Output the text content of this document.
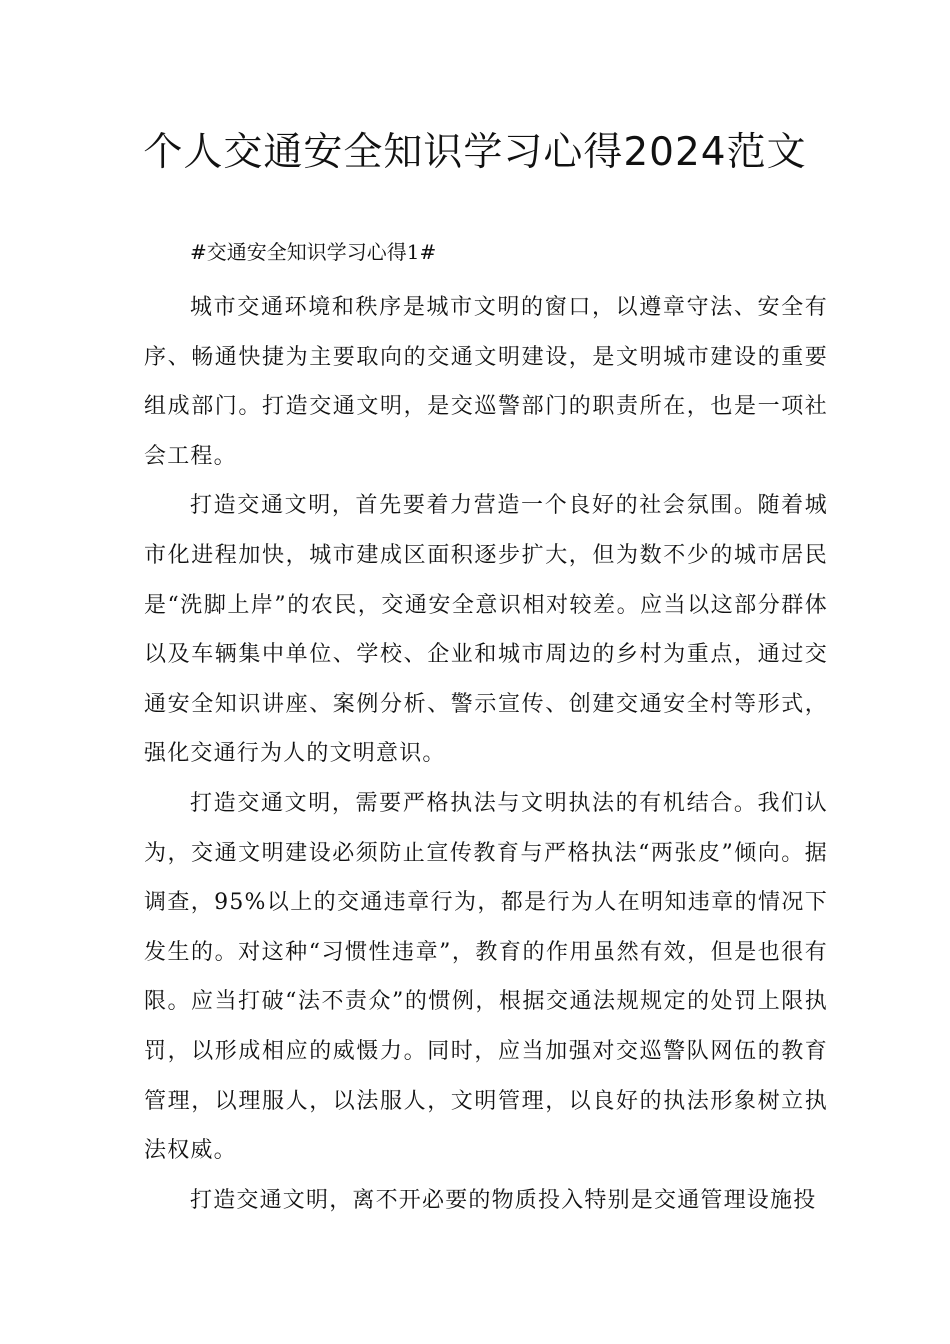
个人交通安全知识学习心得2024范文

#交通安全知识学习心得1#

城市交通环境和秩序是城市文明的窗口，以遵章守法、安全有序、畅通快捷为主要取向的交通文明建设，是文明城市建设的重要组成部门。打造交通文明，是交巡警部门的职责所在，也是一项社会工程。

打造交通文明，首先要着力营造一个良好的社会氛围。随着城市化进程加快，城市建成区面积逐步扩大，但为数不少的城市居民是“洗脚上岸”的农民，交通安全意识相对较差。应当以这部分群体以及车辆集中单位、学校、企业和城市周边的乡村为重点，通过交通安全知识讲座、案例分析、警示宣传、创建交通安全村等形式，强化交通行为人的文明意识。

打造交通文明，需要严格执法与文明执法的有机结合。我们认为，交通文明建设必须防止宣传教育与严格执法“两张皮”倾向。据调查，95%以上的交通违章行为，都是行为人在明知违章的情况下发生的。对这种“习惯性违章”，教育的作用虽然有效，但是也很有限。应当打破“法不责众”的惯例，根据交通法规规定的处罚上限执罚，以形成相应的威慑力。同时，应当加强对交巡警队网伍的教育管理，以理服人，以法服人，文明管理，以良好的执法形象树立执法权威。

打造交通文明，离不开必要的物质投入特别是交通管理设施投
